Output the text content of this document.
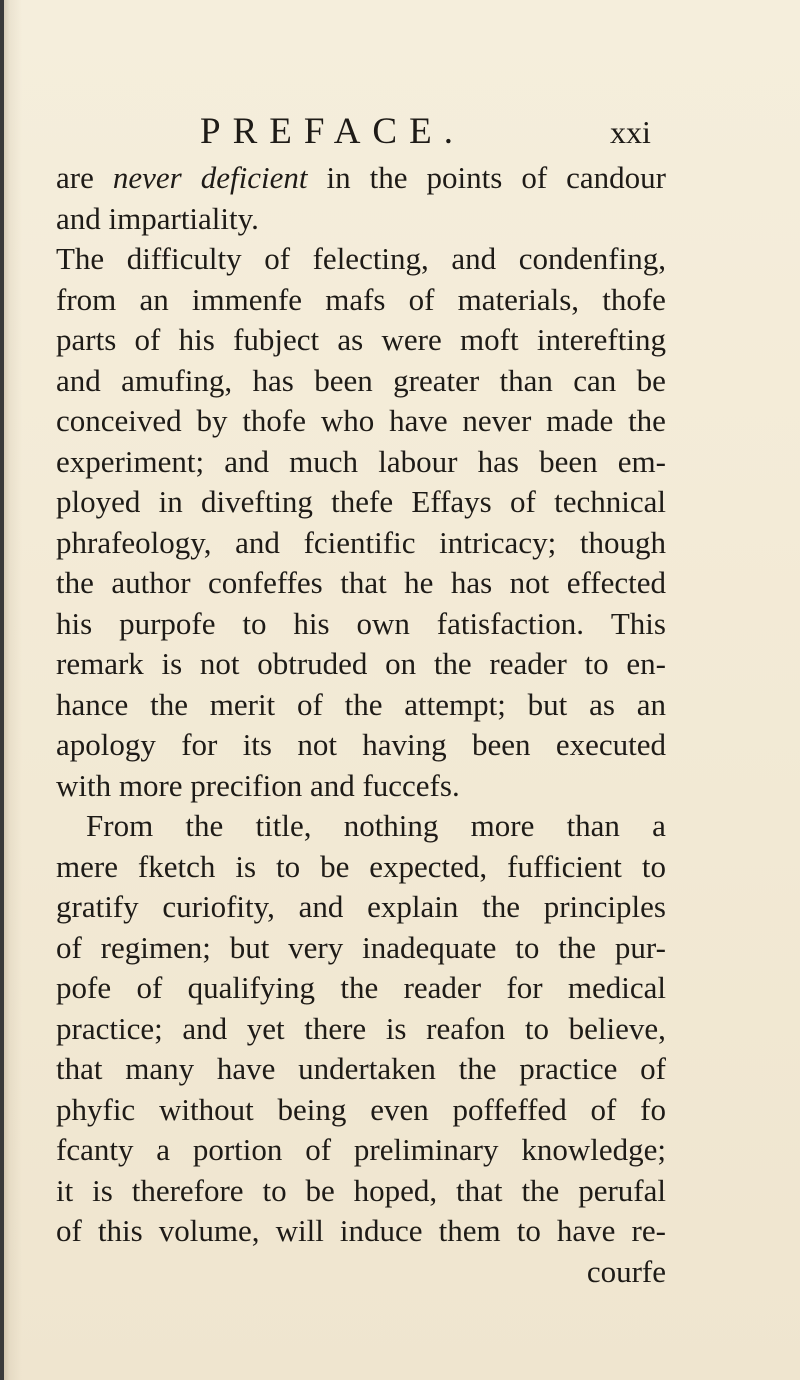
PREFACE.	xxi
are never deficient in the points of candour
and impartiality.
The difficulty of felecting, and condenfing,
from an immenfe mafs of materials, thofe
parts of his fubject as were moft interefting
and amufing, has been greater than can be
conceived by thofe who have never made the
experiment; and much labour has been em-
ployed in divefting thefe Effays of technical
phrafeology, and fcientific intricacy; though
the author confeffes that he has not effected
his purpofe to his own fatisfaction. This
remark is not obtruded on the reader to en-
hance the merit of the attempt; but as an
apology for its not having been executed
with more precifion and fuccefs.
From the title, nothing more than a
mere fketch is to be expected, fufficient to
gratify curiofity, and explain the principles
of regimen; but very inadequate to the pur-
pofe of qualifying the reader for medical
practice; and yet there is reafon to believe,
that many have undertaken the practice of
phyfic without being even poffeffed of fo
fcanty a portion of preliminary knowledge;
it is therefore to be hoped, that the perufal
of this volume, will induce them to have re-
courfe
